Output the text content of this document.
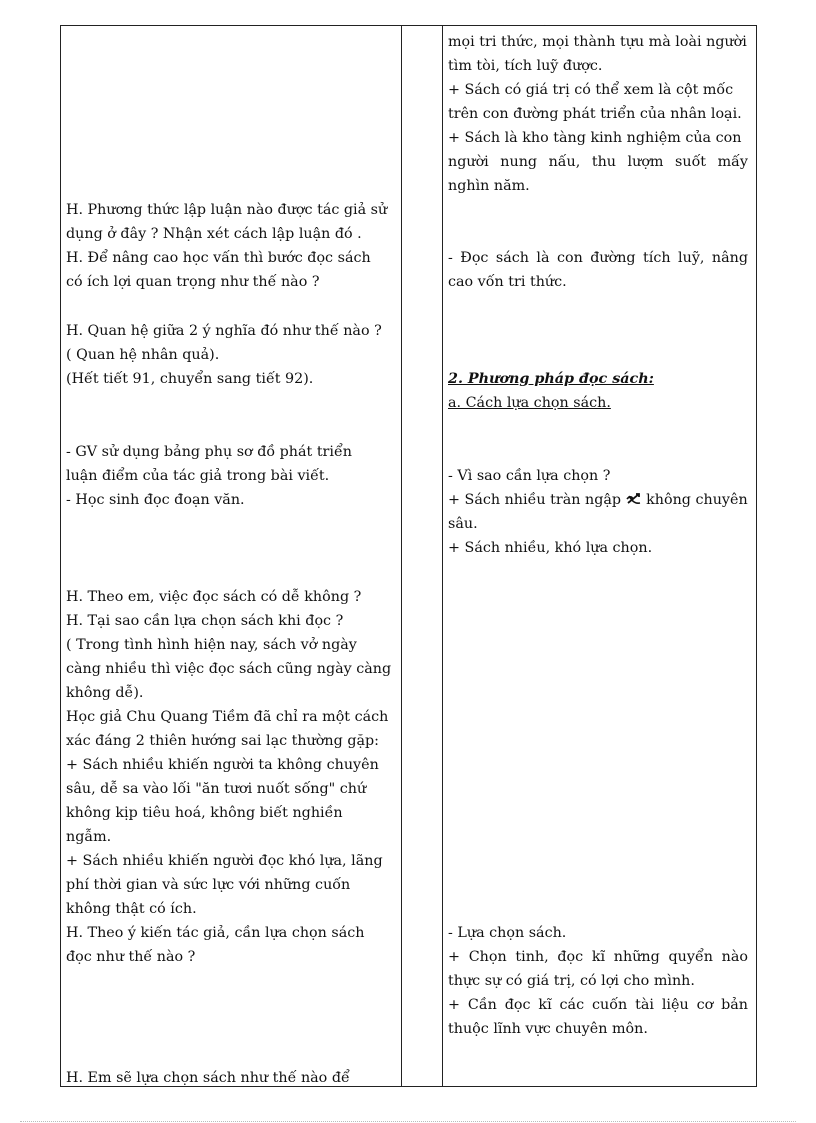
H. Phương thức lập luận nào được tác giả sử

dụng ở đây ? Nhận xét cách lập luận đó .

H. Để nâng cao học vấn thì bước đọc sách

có ích lợi quan trọng như thế nào ?

H. Quan hệ giữa 2 ý nghĩa đó như thế nào ?

( Quan hệ nhân quả).

(Hết tiết 91, chuyển sang tiết 92).

- GV sử dụng bảng phụ sơ đồ phát triển

luận điểm của tác giả trong bài viết.

- Học sinh đọc đoạn văn.

H. Theo em, việc đọc sách có dễ không ?

H. Tại sao cần lựa chọn sách khi đọc ?

( Trong tình hình hiện nay, sách vở ngày

càng nhiều thì việc đọc sách cũng ngày càng

không dễ).

Học giả Chu Quang Tiềm đã chỉ ra một cách

xác đáng 2 thiên hướng sai lạc thường gặp:

+ Sách nhiều khiến người ta không chuyên

sâu, dễ sa vào lối "ăn tươi nuốt sống" chứ

không kịp tiêu hoá, không biết nghiền

ngẫm.

+ Sách nhiều khiến người đọc khó lựa, lãng

phí thời gian và sức lực với những cuốn

không thật có ích.

H. Theo ý kiến tác giả, cần lựa chọn sách

đọc như thế nào ?

H. Em sẽ lựa chọn sách như thế nào để

mọi tri thức, mọi thành tựu mà loài người

tìm tòi, tích luỹ được.

+ Sách có giá trị có thể xem là cột mốc

trên con đường phát triển của nhân loại.

+ Sách là kho tàng kinh nghiệm của con

người nung nấu, thu lượm suốt mấy

nghìn năm.

- Đọc sách là con đường tích luỹ, nâng

cao vốn tri thức.

2. Phương pháp đọc sách:

a. Cách lựa chọn sách.

- Vì sao cần lựa chọn ?

+ Sách nhiều tràn ngập  không chuyên

sâu.

+ Sách nhiều, khó lựa chọn.

- Lựa chọn sách.

+ Chọn tinh, đọc kĩ những quyển nào

thực sự có giá trị, có lợi cho mình.

+ Cần đọc kĩ các cuốn tài liệu cơ bản

thuộc lĩnh vực chuyên môn.
